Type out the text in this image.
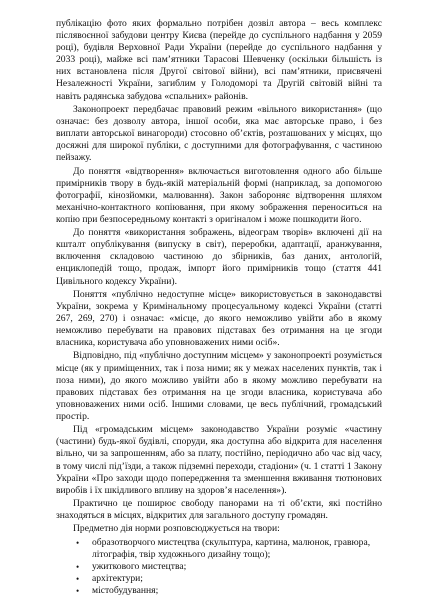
публікацію фото яких формально потрібен дозвіл автора – весь комплекс післявоєнної забудови центру Києва (перейде до суспільного надбання у 2059 році), будівля Верховної Ради України (перейде до суспільного надбання у 2033 році), майже всі пам’ятники Тарасові Шевченку (оскільки більшість із них встановлена після Другої світової війни), всі пам’ятники, присвячені Незалежності України, загиблим у Голодоморі та Другій світовій війні та навіть радянська забудова «спальних» районів.

Законопроект передбачає правовий режим «вільного використання» (що означає: без дозволу автора, іншої особи, яка має авторське право, і без виплати авторської винагороди) стосовно об’єктів, розташованих у місцях, що досяжні для широкої публіки, с доступними для фотографування, с частиною пейзажу.

До поняття «відтворення» включається виготовлення одного або більше примірників твору в будь-якій матеріальній формі (наприклад, за допомогою фотографії, кінозйомки, малювання). Закон забороняє відтворення шляхом механічно-контактного копіювання, при якому зображення переноситься на копію при безпосередньому контакті з оригіналом і може пошкодити його.

До поняття «використання зображень, відеограм творів» включені дії на кшталт опублікування (випуску в світ), переробки, адаптації, аранжування, включення складовою частиною до збірників, баз даних, антологій, енциклопедій тощо, продаж, імпорт його примірників тощо (стаття 441 Цивільного кодексу України).

Поняття «публічно недоступне місце» використовується в законодавстві України, зокрема у Кримінальному процесуальному кодексі України (статті 267, 269, 270) і означає: «місце, до якого неможливо увійти або в якому неможливо перебувати на правових підставах без отримання на це згоди власника, користувача або уповноважених ними осіб».

Відповідно, під «публічно доступним місцем» у законопроекті розуміється місце (як у приміщенних, так і поза ними; як у межах населених пунктів, так і поза ними), до якого можливо увійти або в якому можливо перебувати на правових підставах без отримання на це згоди власника, користувача або уповноважених ними осіб. Іншими словами, це весь публічний, громадський простір.

Під «громадським місцем» законодавство України розуміє «частину (частини) будь-якої будівлі, споруди, яка доступна або відкрита для населення вільно, чи за запрошенням, або за плату, постійно, періодично або час від часу, в тому числі під’їзди, а також підземні переходи, стадіони» (ч. 1 статті 1 Закону України «Про заходи щодо попередження та зменшення вживання тютюнових виробів і їх шкідливого впливу на здоров’я населення»).

Практично це поширює свободу панорами на ті об’єкти, які постійно знаходяться в місцях, відкритих для загального доступу громадян.

Предметно дія норми розповсюджується на твори:

• образотворчого мистецтва (скульптура, картина, малюнок, гравюра, літографія, твір художнього дизайну тощо);
• ужиткового мистецтва;
• архітектури;
• містобудування;
